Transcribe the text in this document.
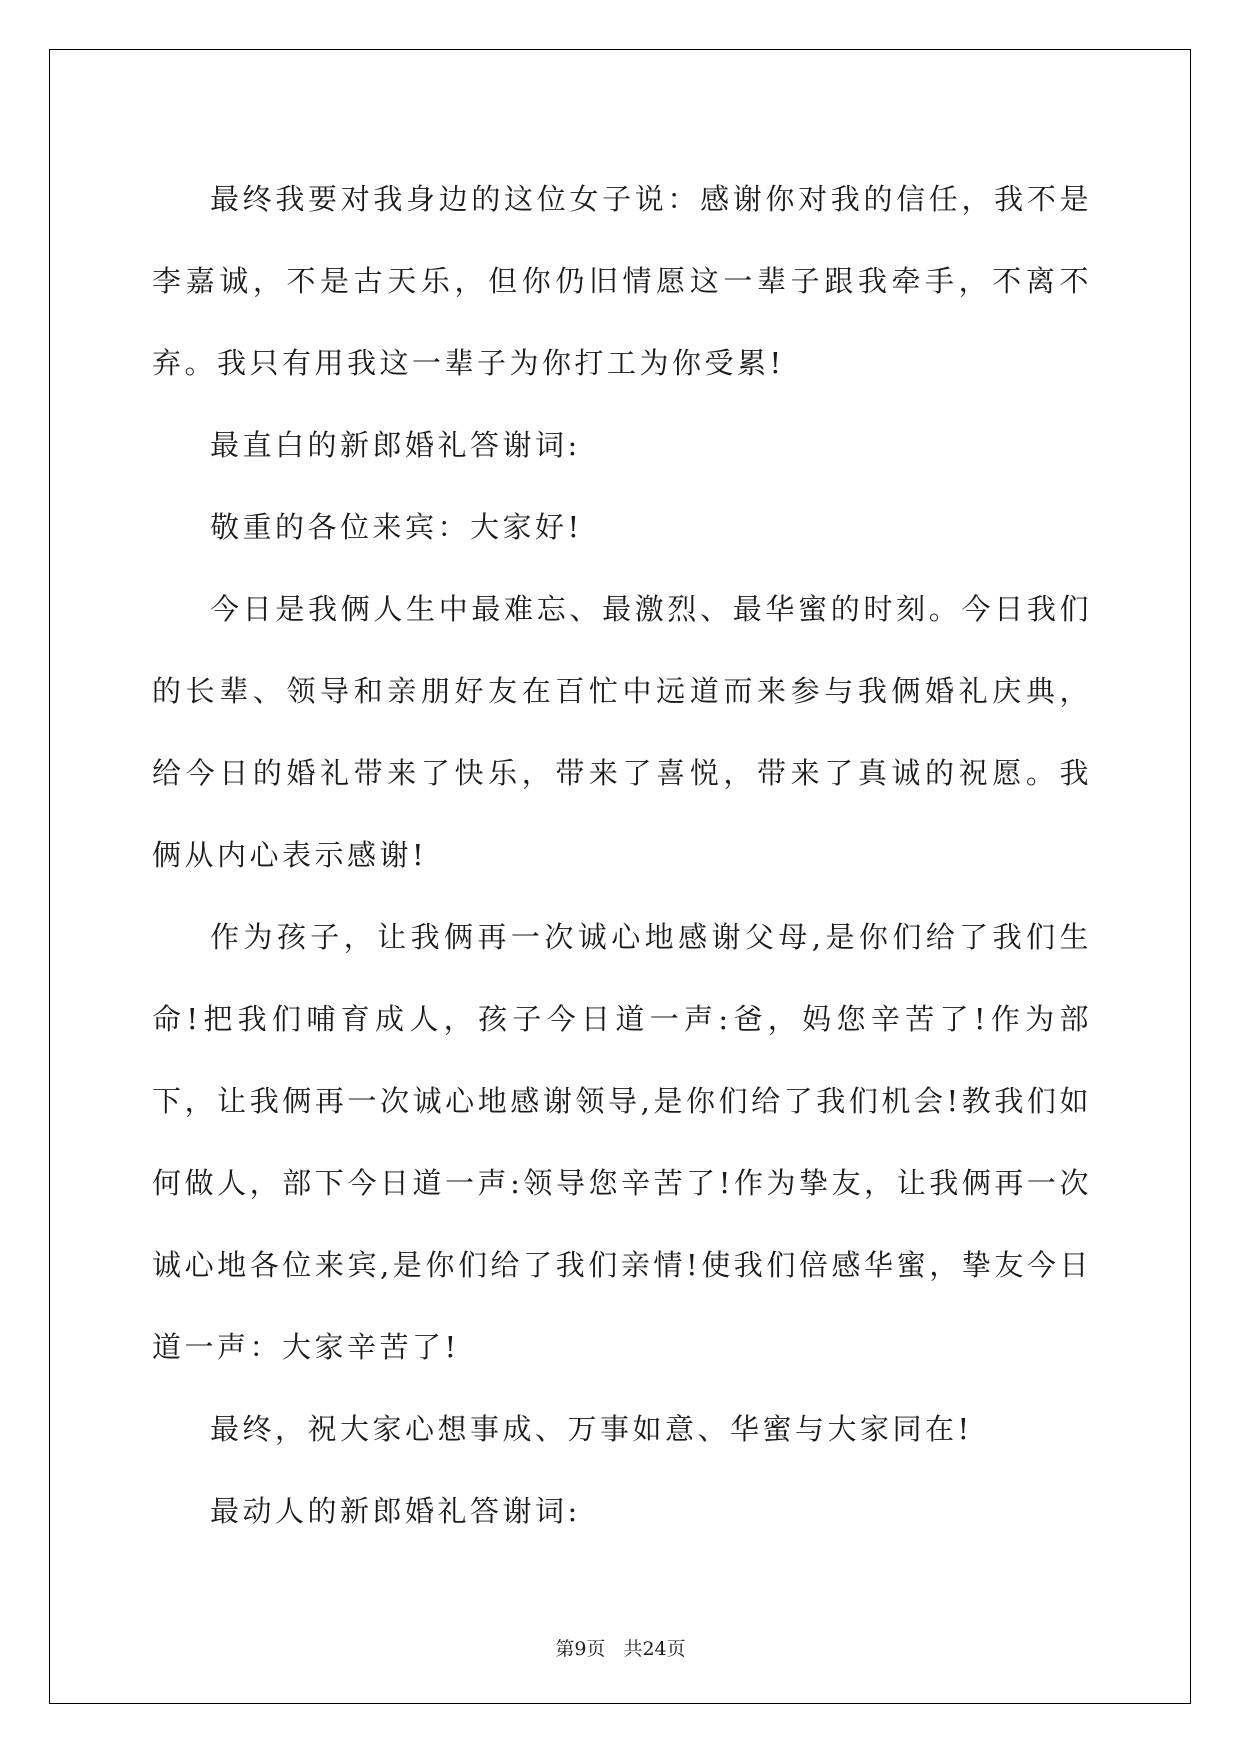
最终我要对我身边的这位女子说：感谢你对我的信任，我不是李嘉诚，不是古天乐，但你仍旧情愿这一辈子跟我牵手，不离不弃。我只有用我这一辈子为你打工为你受累!

最直白的新郎婚礼答谢词:

敬重的各位来宾：大家好!

今日是我俩人生中最难忘、最激烈、最华蜜的时刻。今日我们的长辈、领导和亲朋好友在百忙中远道而来参与我俩婚礼庆典，给今日的婚礼带来了快乐，带来了喜悦，带来了真诚的祝愿。我俩从内心表示感谢!

作为孩子，让我俩再一次诚心地感谢父母,是你们给了我们生命!把我们哺育成人，孩子今日道一声:爸，妈您辛苦了!作为部下，让我俩再一次诚心地感谢领导,是你们给了我们机会!教我们如何做人，部下今日道一声:领导您辛苦了!作为挚友，让我俩再一次诚心地各位来宾,是你们给了我们亲情!使我们倍感华蜜，挚友今日道一声：大家辛苦了!

最终，祝大家心想事成、万事如意、华蜜与大家同在!

最动人的新郎婚礼答谢词:

第9页 共24页
